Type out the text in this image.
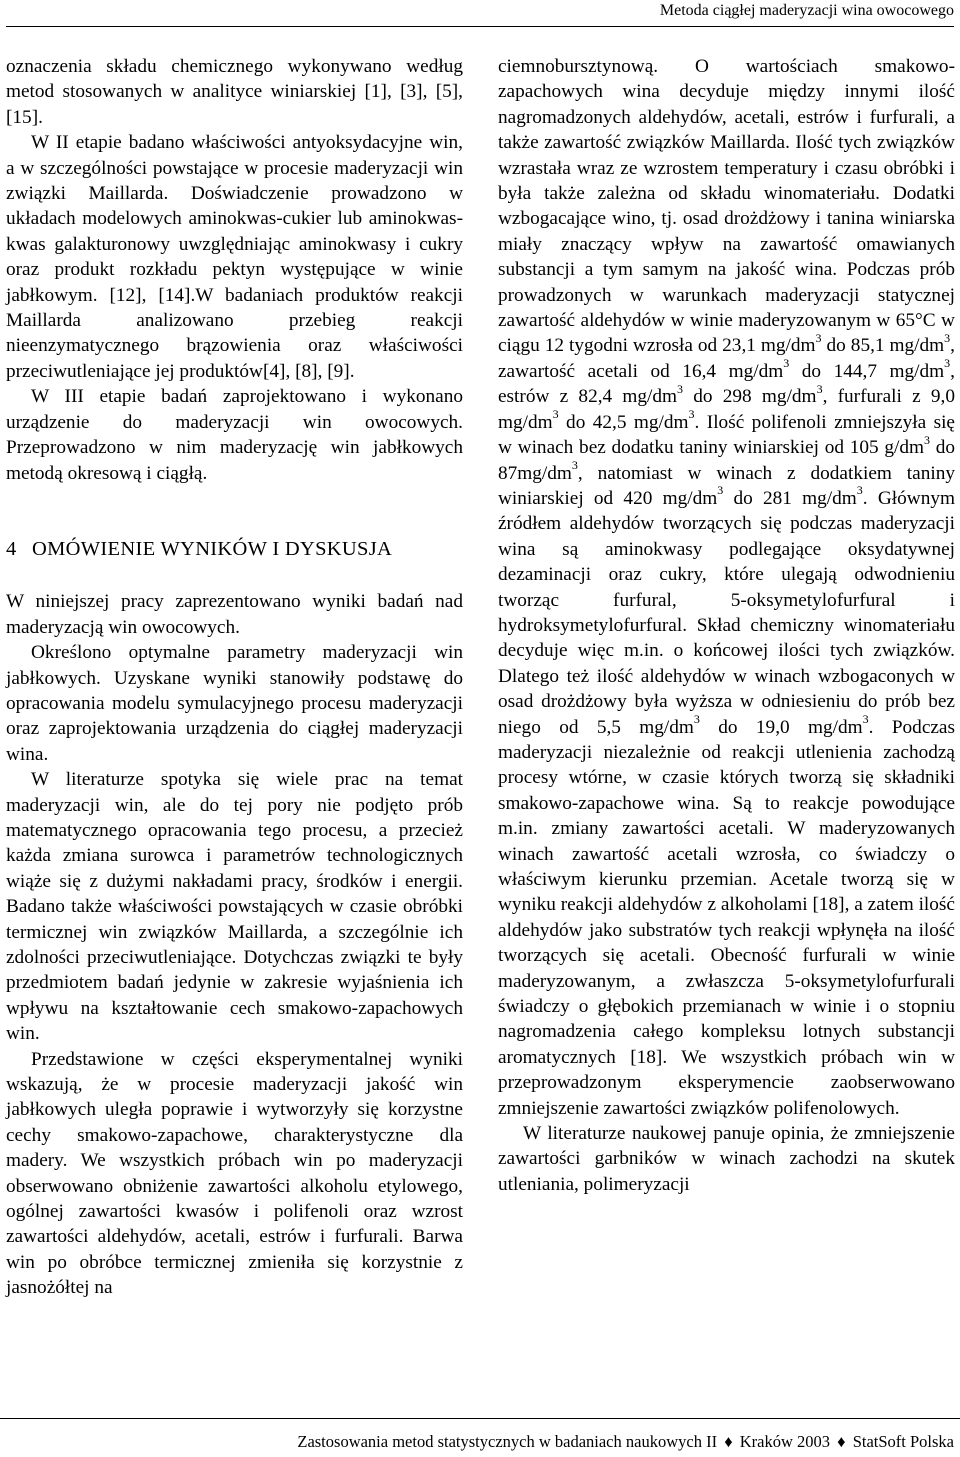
Metoda ciągłej maderyzacji wina owocowego

oznaczenia składu chemicznego wykonywano według metod stosowanych w analityce winiarskiej [1], [3], [5], [15].

W II etapie badano właściwości antyoksydacyjne win, a w szczególności powstające w procesie maderyzacji win związki Maillarda. Doświadczenie prowadzono w układach modelowych aminokwas-cukier lub aminokwas-kwas galakturonowy uwzględniając aminokwasy i cukry oraz produkt rozkładu pektyn występujące w winie jabłkowym. [12], [14].W badaniach produktów reakcji Maillarda analizowano przebieg reakcji nieenzymatycznego brązowienia oraz właściwości przeciwutleniające jej produktów[4], [8], [9].

W III etapie badań zaprojektowano i wykonano urządzenie do maderyzacji win owocowych. Przeprowadzono w nim maderyzację win jabłkowych metodą okresową i ciągłą.

4 OMÓWIENIE WYNIKÓW I DYSKUSJA

W niniejszej pracy zaprezentowano wyniki badań nad maderyzacją win owocowych.

Określono optymalne parametry maderyzacji win jabłkowych. Uzyskane wyniki stanowiły podstawę do opracowania modelu symulacyjnego procesu maderyzacji oraz zaprojektowania urządzenia do ciągłej maderyzacji wina.

W literaturze spotyka się wiele prac na temat maderyzacji win, ale do tej pory nie podjęto prób matematycznego opracowania tego procesu, a przecież każda zmiana surowca i parametrów technologicznych wiąże się z dużymi nakładami pracy, środków i energii. Badano także właściwości powstających w czasie obróbki termicznej win związków Maillarda, a szczególnie ich zdolności przeciwutleniające. Dotychczas związki te były przedmiotem badań jedynie w zakresie wyjaśnienia ich wpływu na kształtowanie cech smakowo-zapachowych win.

Przedstawione w części eksperymentalnej wyniki wskazują, że w procesie maderyzacji jakość win jabłkowych uległa poprawie i wytworzyły się korzystne cechy smakowo-zapachowe, charakterystyczne dla madery. We wszystkich próbach win po maderyzacji obserwowano obniżenie zawartości alkoholu etylowego, ogólnej zawartości kwasów i polifenoli oraz wzrost zawartości aldehydów, acetali, estrów i furfurali. Barwa win po obróbce termicznej zmieniła się korzystnie z jasnożółtej na

ciemnobursztynową. O wartościach smakowo-zapachowych wina decyduje między innymi ilość nagromadzonych aldehydów, acetali, estrów i furfurali, a także zawartość związków Maillarda. Ilość tych związków wzrastała wraz ze wzrostem temperatury i czasu obróbki i była także zależna od składu winomateriału. Dodatki wzbogacające wino, tj. osad drożdżowy i tanina winiarska miały znaczący wpływ na zawartość omawianych substancji a tym samym na jakość wina. Podczas prób prowadzonych w warunkach maderyzacji statycznej zawartość aldehydów w winie maderyzowanym w 65°C w ciągu 12 tygodni wzrosła od 23,1 $mg/dm^3$ do 85,1 $mg/dm^3$, zawartość acetali od 16,4 $mg/dm^3$ do 144,7 $mg/dm^3$, estrów z 82,4 $mg/dm^3$ do 298 $mg/dm^3$, furfurali z 9,0 $mg/dm^3$ do 42,5 $mg/dm^3$. Ilość polifenoli zmniejszyła się w winach bez dodatku taniny winiarskiej od 105 $g/dm^3$ do $87mg/dm^3$, natomiast w winach z dodatkiem taniny winiarskiej od 420 $mg/dm^3$ do 281 $mg/dm^3$. Głównym źródłem aldehydów tworzących się podczas maderyzacji wina są aminokwasy podlegające oksydatywnej dezaminacji oraz cukry, które ulegają odwodnieniu tworząc furfural, 5-oksymetylofurfural i hydroksymetylofurfural. Skład chemiczny winomateriału decyduje więc m.in. o końcowej ilości tych związków. Dlatego też ilość aldehydów w winach wzbogaconych w osad drożdżowy była wyższa w odniesieniu do prób bez niego od 5,5 $mg/dm^3$ do 19,0 $mg/dm^3$. Podczas maderyzacji niezależnie od reakcji utlenienia zachodzą procesy wtórne, w czasie których tworzą się składniki smakowo-zapachowe wina. Są to reakcje powodujące m.in. zmiany zawartości acetali. W maderyzowanych winach zawartość acetali wzrosła, co świadczy o właściwym kierunku przemian. Acetale tworzą się w wyniku reakcji aldehydów z alkoholami [18], a zatem ilość aldehydów jako substratów tych reakcji wpłynęła na ilość tworzących się acetali. Obecność furfurali w winie maderyzowanym, a zwłaszcza 5-oksymetylofurfurali świadczy o głębokich przemianach w winie i o stopniu nagromadzenia całego kompleksu lotnych substancji aromatycznych [18]. We wszystkich próbach win w przeprowadzonym eksperymencie zaobserwowano zmniejszenie zawartości związków polifenolowych.

W literaturze naukowej panuje opinia, że zmniejszenie zawartości garbników w winach zachodzi na skutek utleniania, polimeryzacji

Zastosowania metod statystycznych w badaniach naukowych II ♦ Kraków 2003 ♦ StatSoft Polska
